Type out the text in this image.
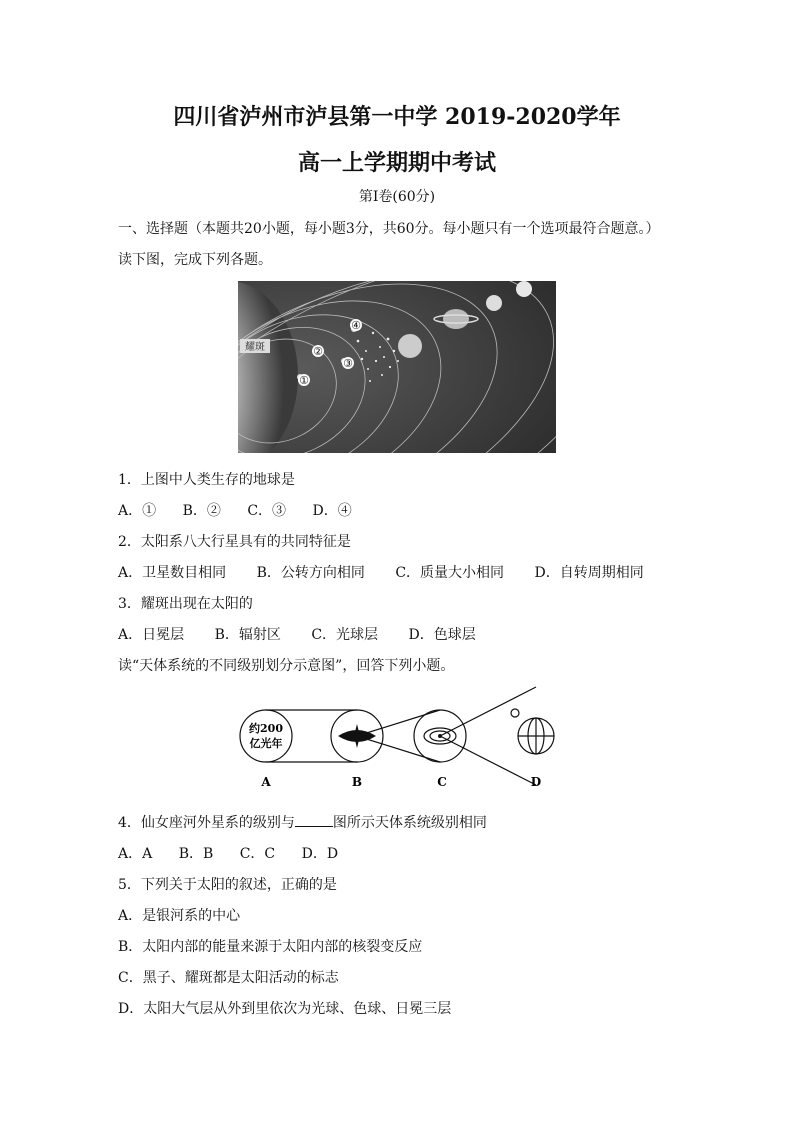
四川省泸州市泸县第一中学 2019-2020学年
高一上学期期中考试
第Ⅰ卷(60分)
一、选择题（本题共20小题，每小题3分，共60分。每小题只有一个选项最符合题意。）
读下图，完成下列各题。
耀斑
①
②
③
④
1．上图中人类生存的地球是
A．① B．② C．③ D．④
2．太阳系八大行星具有的共同特征是
A．卫星数目相同 B．公转方向相同 C．质量大小相同 D．自转周期相同
3．耀斑出现在太阳的
A．日冕层 B．辐射区 C．光球层 D．色球层
读“天体系统的不同级别划分示意图”，回答下列小题。
约200
亿光年
A	B	C	D
4．仙女座河外星系的级别与	图所示天体系统级别相同
A．A B．B C．C D．D
5．下列关于太阳的叙述，正确的是
A．是银河系的中心
B．太阳内部的能量来源于太阳内部的核裂变反应
C．黑子、耀斑都是太阳活动的标志
D．太阳大气层从外到里依次为光球、色球、日冕三层
